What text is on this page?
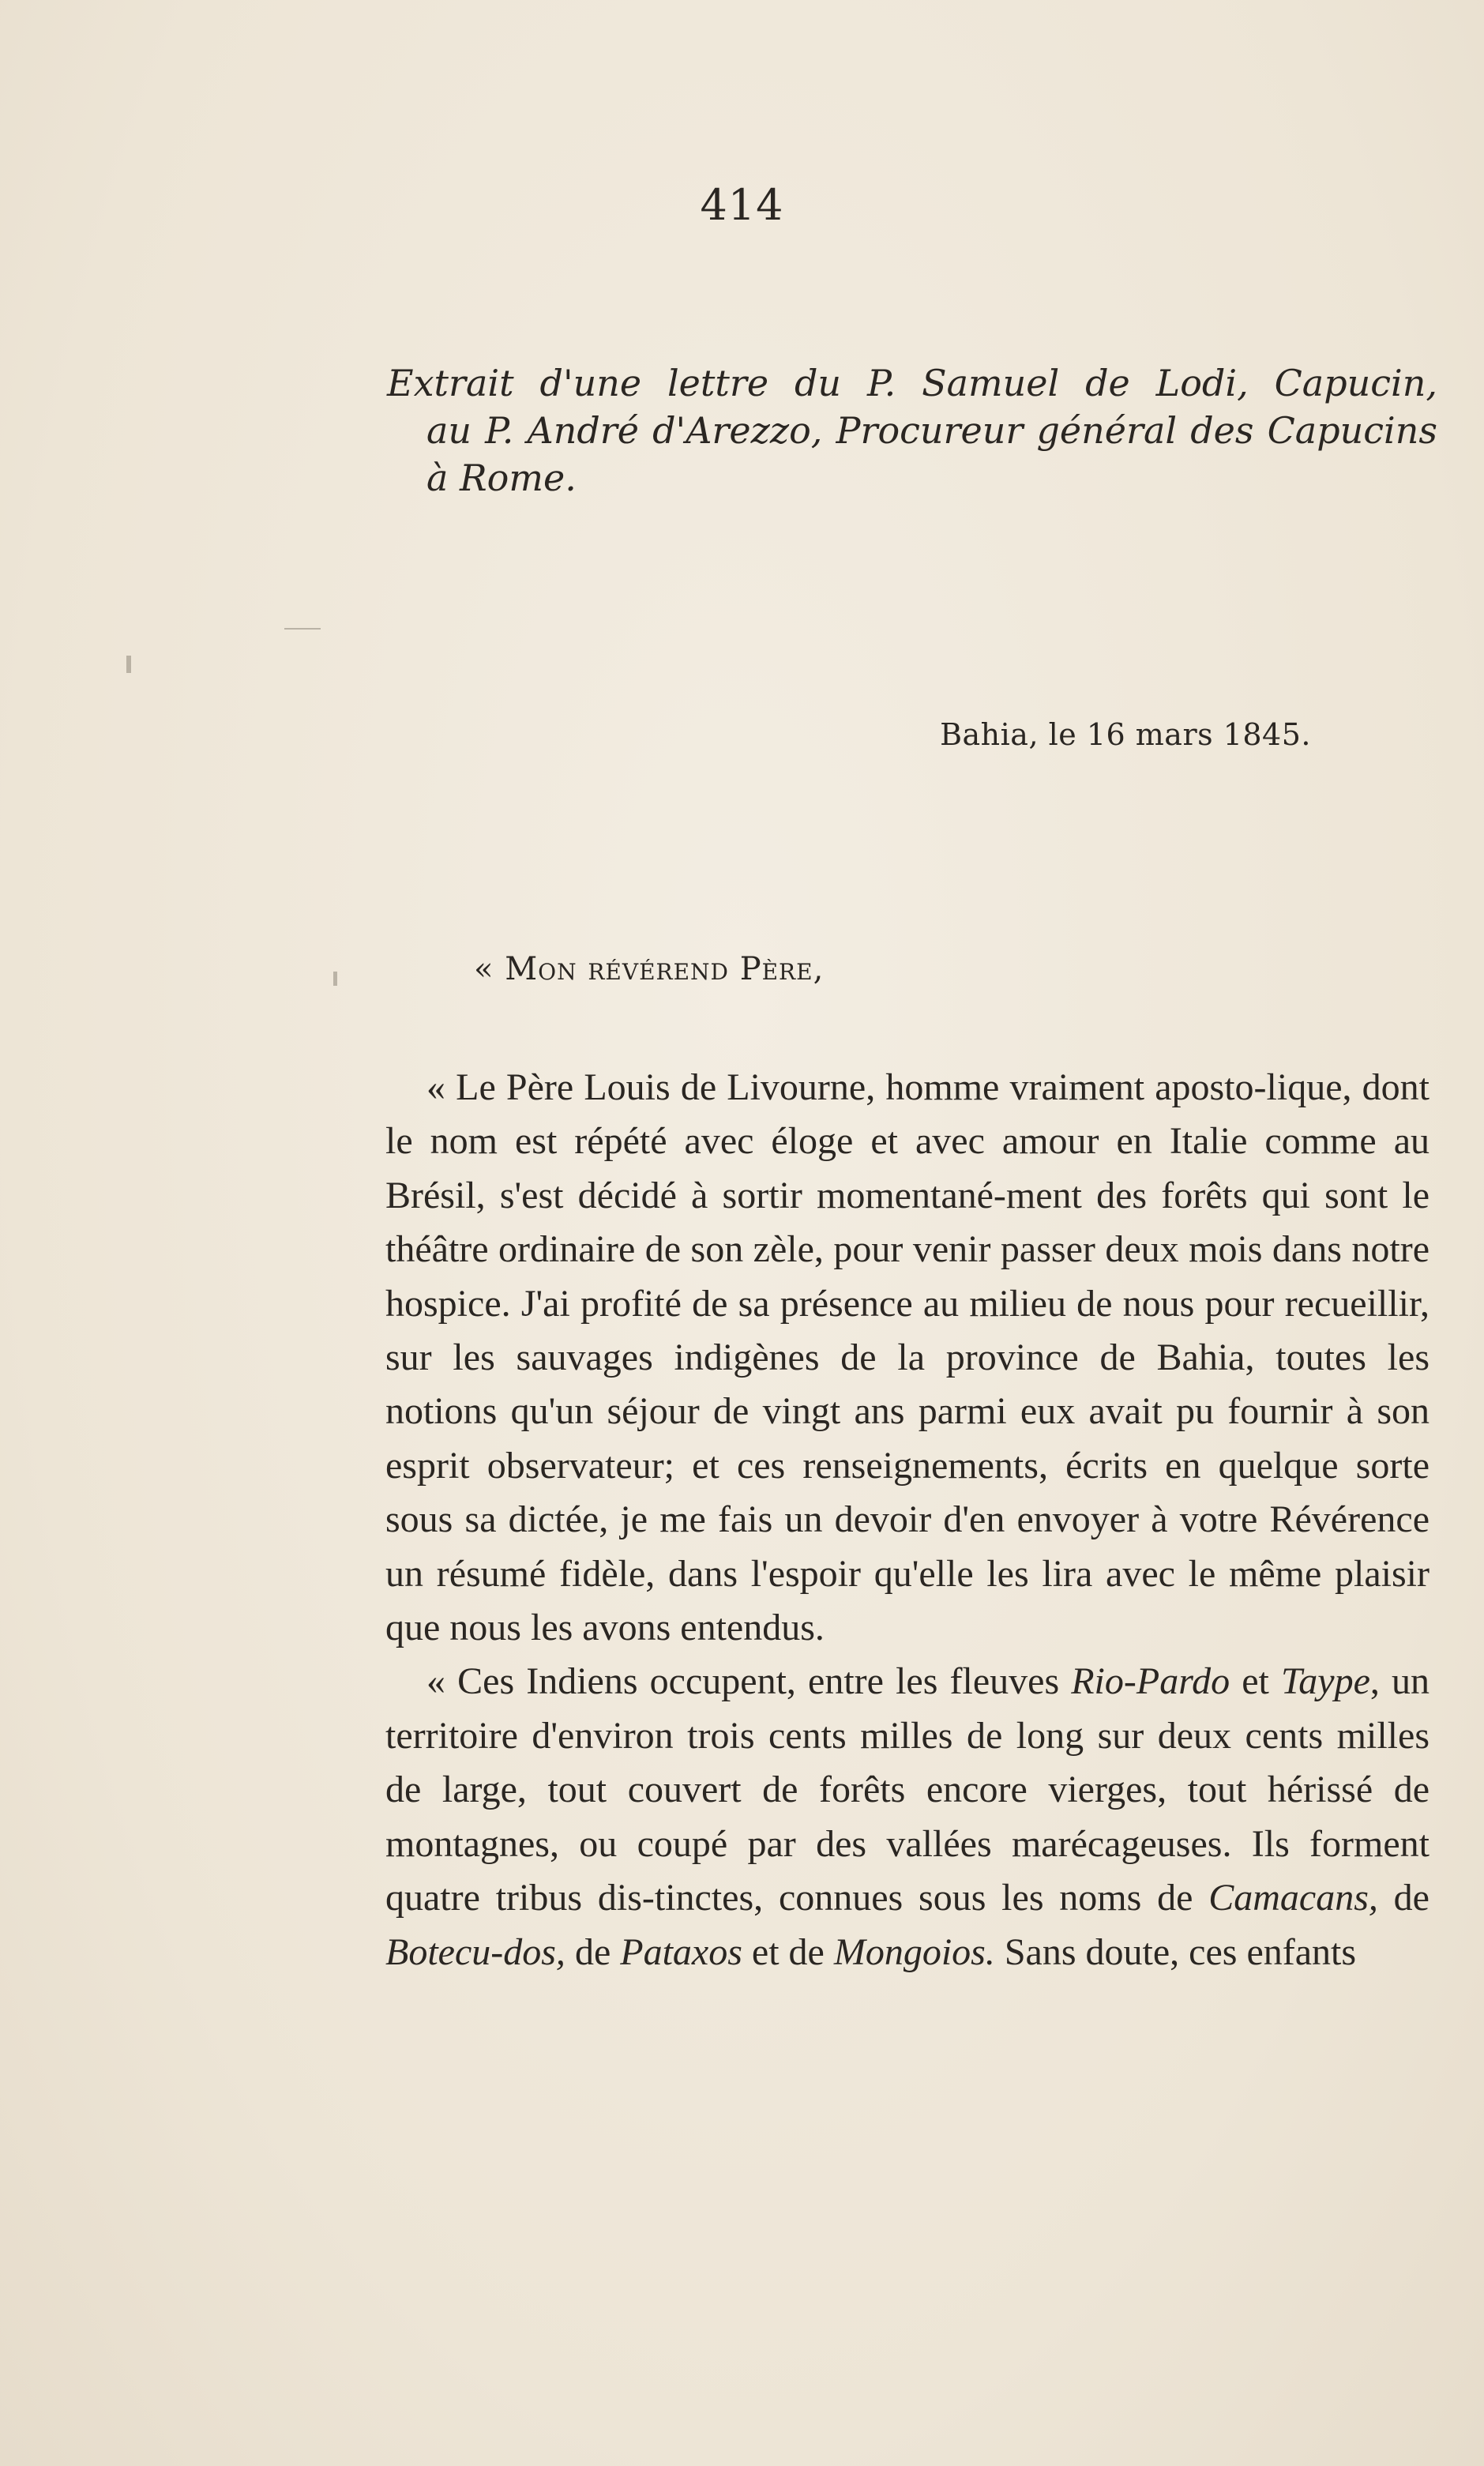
414
Extrait d'une lettre du P. Samuel de Lodi, Capucin,
au P. André d'Arezzo, Procureur général des Capucins
à Rome.
Bahia, le 16 mars 1845.
« Mon révérend Père,

« Le Père Louis de Livourne, homme vraiment aposto-lique, dont le nom est répété avec éloge et avec amour en Italie comme au Brésil, s'est décidé à sortir momentané-ment des forêts qui sont le théâtre ordinaire de son zèle, pour venir passer deux mois dans notre hospice. J'ai profité de sa présence au milieu de nous pour recueillir, sur les sauvages indigènes de la province de Bahia, toutes les notions qu'un séjour de vingt ans parmi eux avait pu fournir à son esprit observateur; et ces renseignements, écrits en quelque sorte sous sa dictée, je me fais un devoir d'en envoyer à votre Révérence un résumé fidèle, dans l'espoir qu'elle les lira avec le même plaisir que nous les avons entendus.

« Ces Indiens occupent, entre les fleuves Rio-Pardo et Taype, un territoire d'environ trois cents milles de long sur deux cents milles de large, tout couvert de forêts encore vierges, tout hérissé de montagnes, ou coupé par des vallées marécageuses. Ils forment quatre tribus dis-tinctes, connues sous les noms de Camacans, de Botecu-dos, de Pataxos et de Mongoios. Sans doute, ces enfants
